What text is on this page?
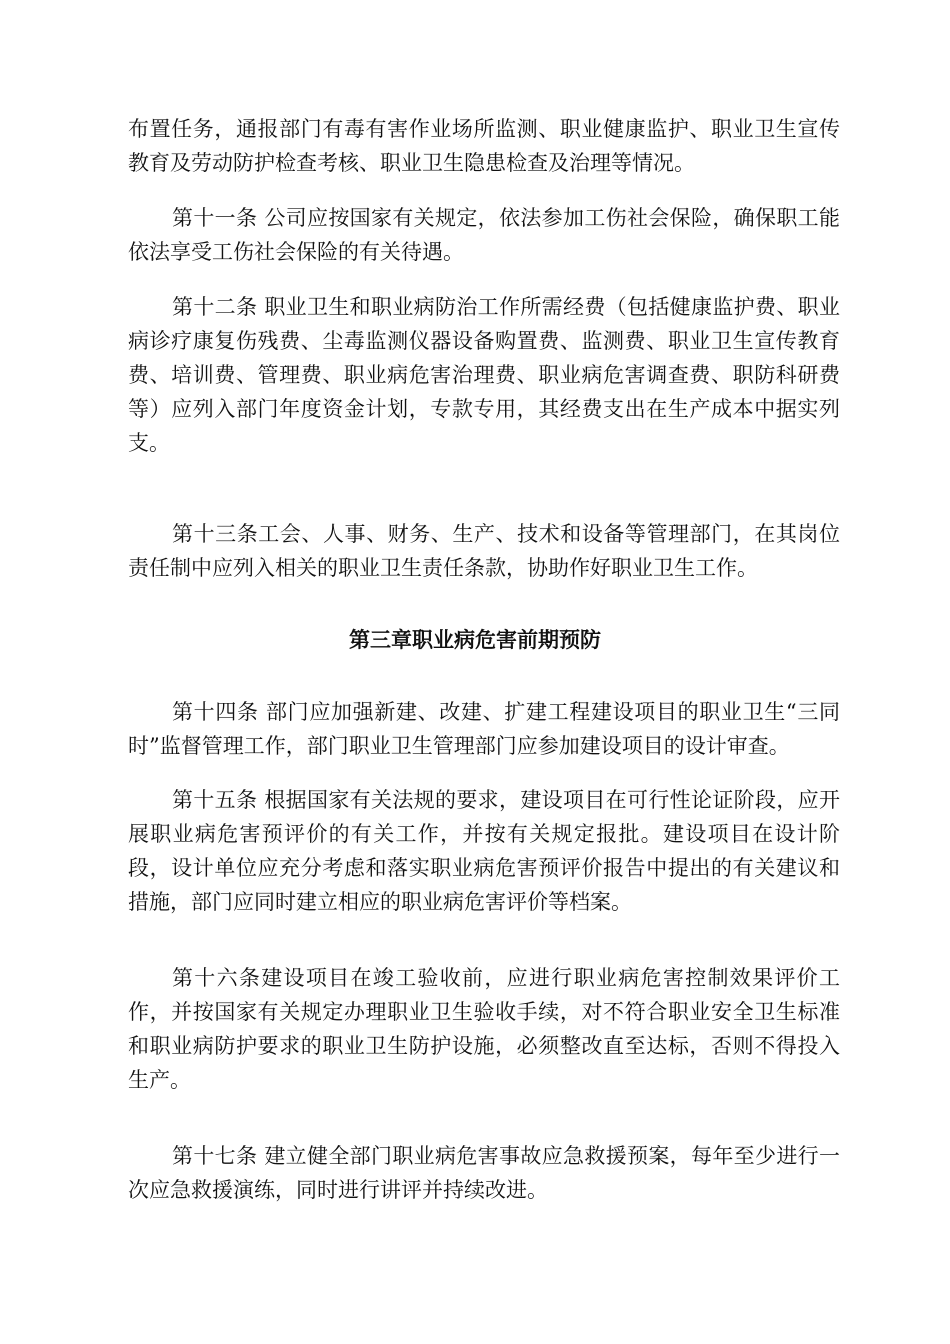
布置任务，通报部门有毒有害作业场所监测、职业健康监护、职业卫生宣传教育及劳动防护检查考核、职业卫生隐患检查及治理等情况。

第十一条 公司应按国家有关规定，依法参加工伤社会保险，确保职工能依法享受工伤社会保险的有关待遇。

第十二条 职业卫生和职业病防治工作所需经费（包括健康监护费、职业病诊疗康复伤残费、尘毒监测仪器设备购置费、监测费、职业卫生宣传教育费、培训费、管理费、职业病危害治理费、职业病危害调查费、职防科研费等）应列入部门年度资金计划，专款专用，其经费支出在生产成本中据实列支。

第十三条工会、人事、财务、生产、技术和设备等管理部门，在其岗位责任制中应列入相关的职业卫生责任条款，协助作好职业卫生工作。

第三章职业病危害前期预防

第十四条 部门应加强新建、改建、扩建工程建设项目的职业卫生“三同时”监督管理工作，部门职业卫生管理部门应参加建设项目的设计审查。

第十五条 根据国家有关法规的要求，建设项目在可行性论证阶段，应开展职业病危害预评价的有关工作，并按有关规定报批。建设项目在设计阶段，设计单位应充分考虑和落实职业病危害预评价报告中提出的有关建议和措施，部门应同时建立相应的职业病危害评价等档案。

第十六条建设项目在竣工验收前，应进行职业病危害控制效果评价工作，并按国家有关规定办理职业卫生验收手续，对不符合职业安全卫生标准和职业病防护要求的职业卫生防护设施，必须整改直至达标，否则不得投入生产。

第十七条 建立健全部门职业病危害事故应急救援预案，每年至少进行一次应急救援演练，同时进行讲评并持续改进。
